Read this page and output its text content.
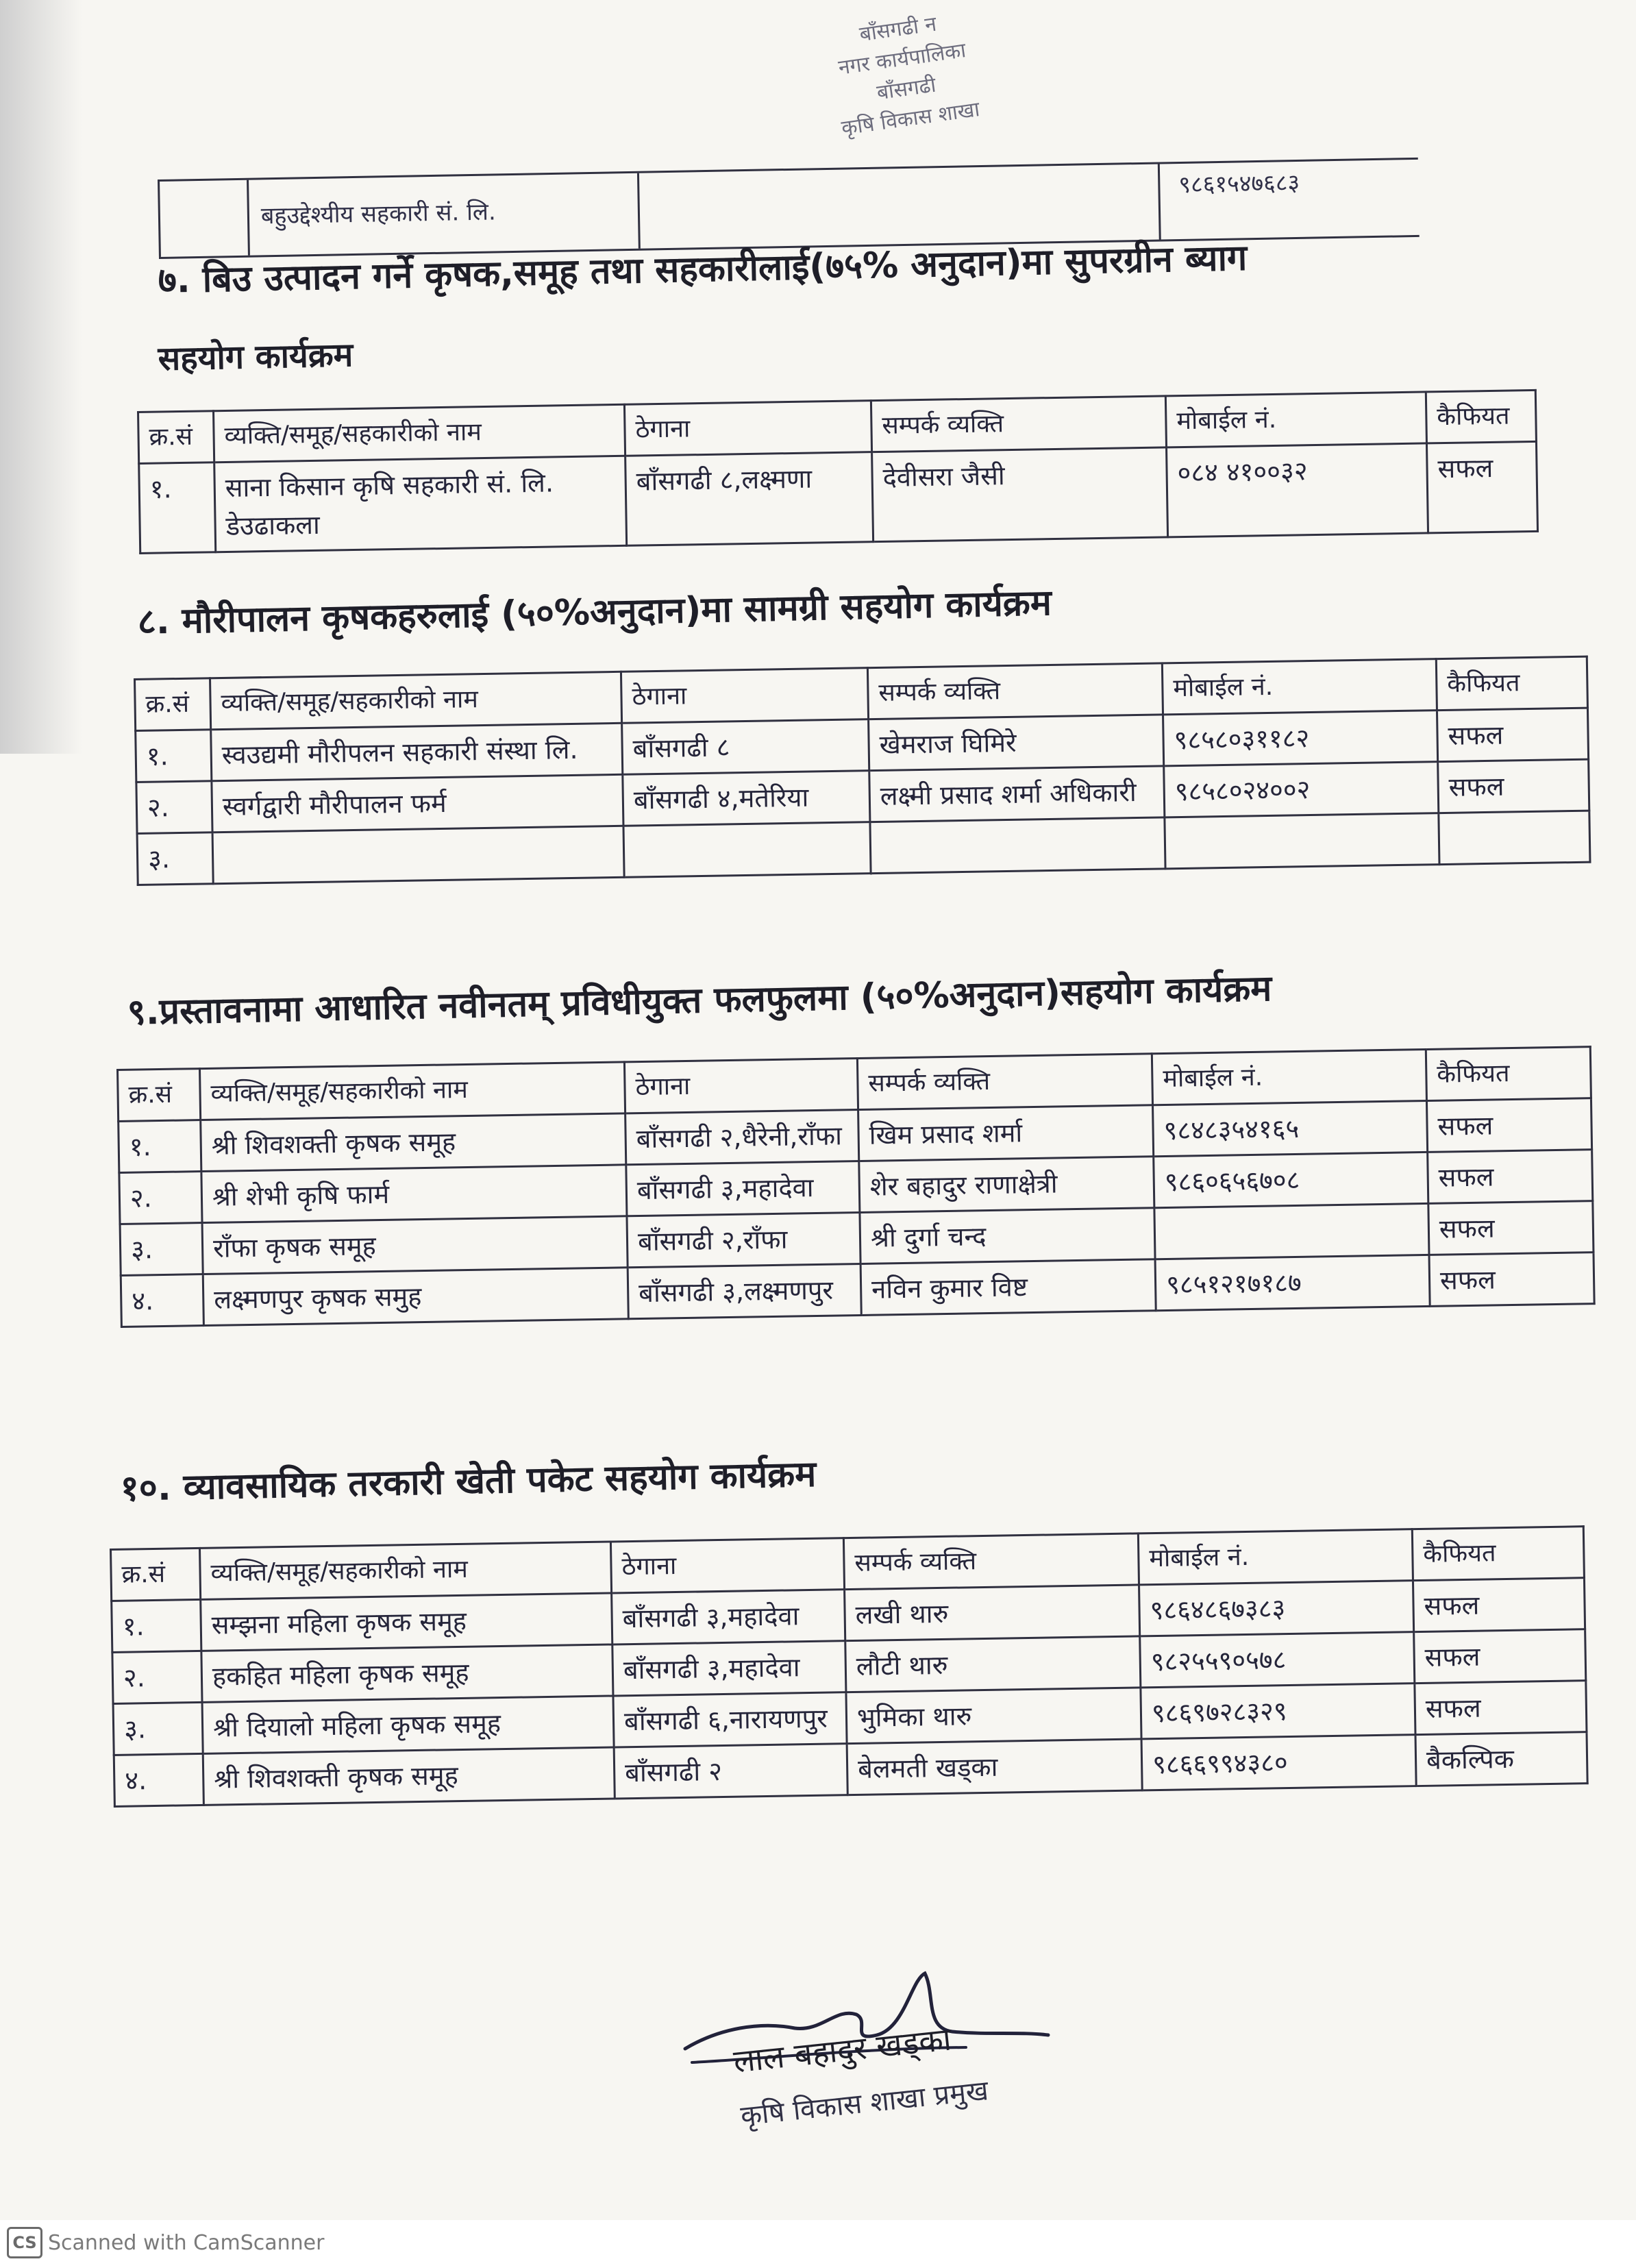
बाँसगढी न
नगर कार्यपालिका
बाँसगढी
कृषि विकास शाखा
बहुउद्देश्यीय सहकारी सं. लि.
९८६१५४७६८३
७. बिउ उत्पादन गर्ने कृषक,समूह तथा सहकारीलाई(७५% अनुदान)मा सुपरग्रीन ब्याग
सहयोग कार्यक्रम
क्र.सं	व्यक्ति/समूह/सहकारीको नाम	ठेगाना	सम्पर्क व्यक्ति	मोबाईल नं.	कैफियत
१.	साना किसान कृषि सहकारी सं. लि. डेउढाकला	बाँसगढी ८,लक्ष्मणा	देवीसरा जैसी	०८४ ४१००३२	सफल
८. मौरीपालन कृषकहरुलाई (५०%अनुदान)मा सामग्री सहयोग कार्यक्रम
क्र.सं	व्यक्ति/समूह/सहकारीको नाम	ठेगाना	सम्पर्क व्यक्ति	मोबाईल नं.	कैफियत
१.	स्वउद्यमी मौरीपलन सहकारी संस्था लि.	बाँसगढी ८	खेमराज घिमिरे	९८५८०३११८२	सफल
२.	स्वर्गद्वारी मौरीपालन फर्म	बाँसगढी ४,मतेरिया	लक्ष्मी प्रसाद शर्मा अधिकारी	९८५८०२४००२	सफल
३.					
९.प्रस्तावनामा आधारित नवीनतम् प्रविधीयुक्त फलफुलमा (५०%अनुदान)सहयोग कार्यक्रम
क्र.सं	व्यक्ति/समूह/सहकारीको नाम	ठेगाना	सम्पर्क व्यक्ति	मोबाईल नं.	कैफियत
१.	श्री शिवशक्ती कृषक समूह	बाँसगढी २,धैरेनी,राँफा	खिम प्रसाद शर्मा	९८४८३५४१६५	सफल
२.	श्री शेभी कृषि फार्म	बाँसगढी ३,महादेवा	शेर बहादुर राणाक्षेत्री	९८६०६५६७०८	सफल
३.	राँफा कृषक समूह	बाँसगढी २,राँफा	श्री दुर्गा चन्द		सफल
४.	लक्ष्मणपुर कृषक समुह	बाँसगढी ३,लक्ष्मणपुर	नविन कुमार विष्ट	९८५१२१७१८७	सफल
१०. व्यावसायिक तरकारी खेती पकेट सहयोग कार्यक्रम
क्र.सं	व्यक्ति/समूह/सहकारीको नाम	ठेगाना	सम्पर्क व्यक्ति	मोबाईल नं.	कैफियत
१.	सम्झना महिला कृषक समूह	बाँसगढी ३,महादेवा	लखी थारु	९८६४८६७३८३	सफल
२.	हकहित महिला कृषक समूह	बाँसगढी ३,महादेवा	लौटी थारु	९८२५५९०५७८	सफल
३.	श्री दियालो महिला कृषक समूह	बाँसगढी ६,नारायणपुर	भुमिका थारु	९८६९७२८३२९	सफल
४.	श्री शिवशक्ती कृषक समूह	बाँसगढी २	बेलमती खड्का	९८६६९९४३८०	बैकल्पिक
लाल बहादुर खड्का
कृषि विकास शाखा प्रमुख
CS Scanned with CamScanner
